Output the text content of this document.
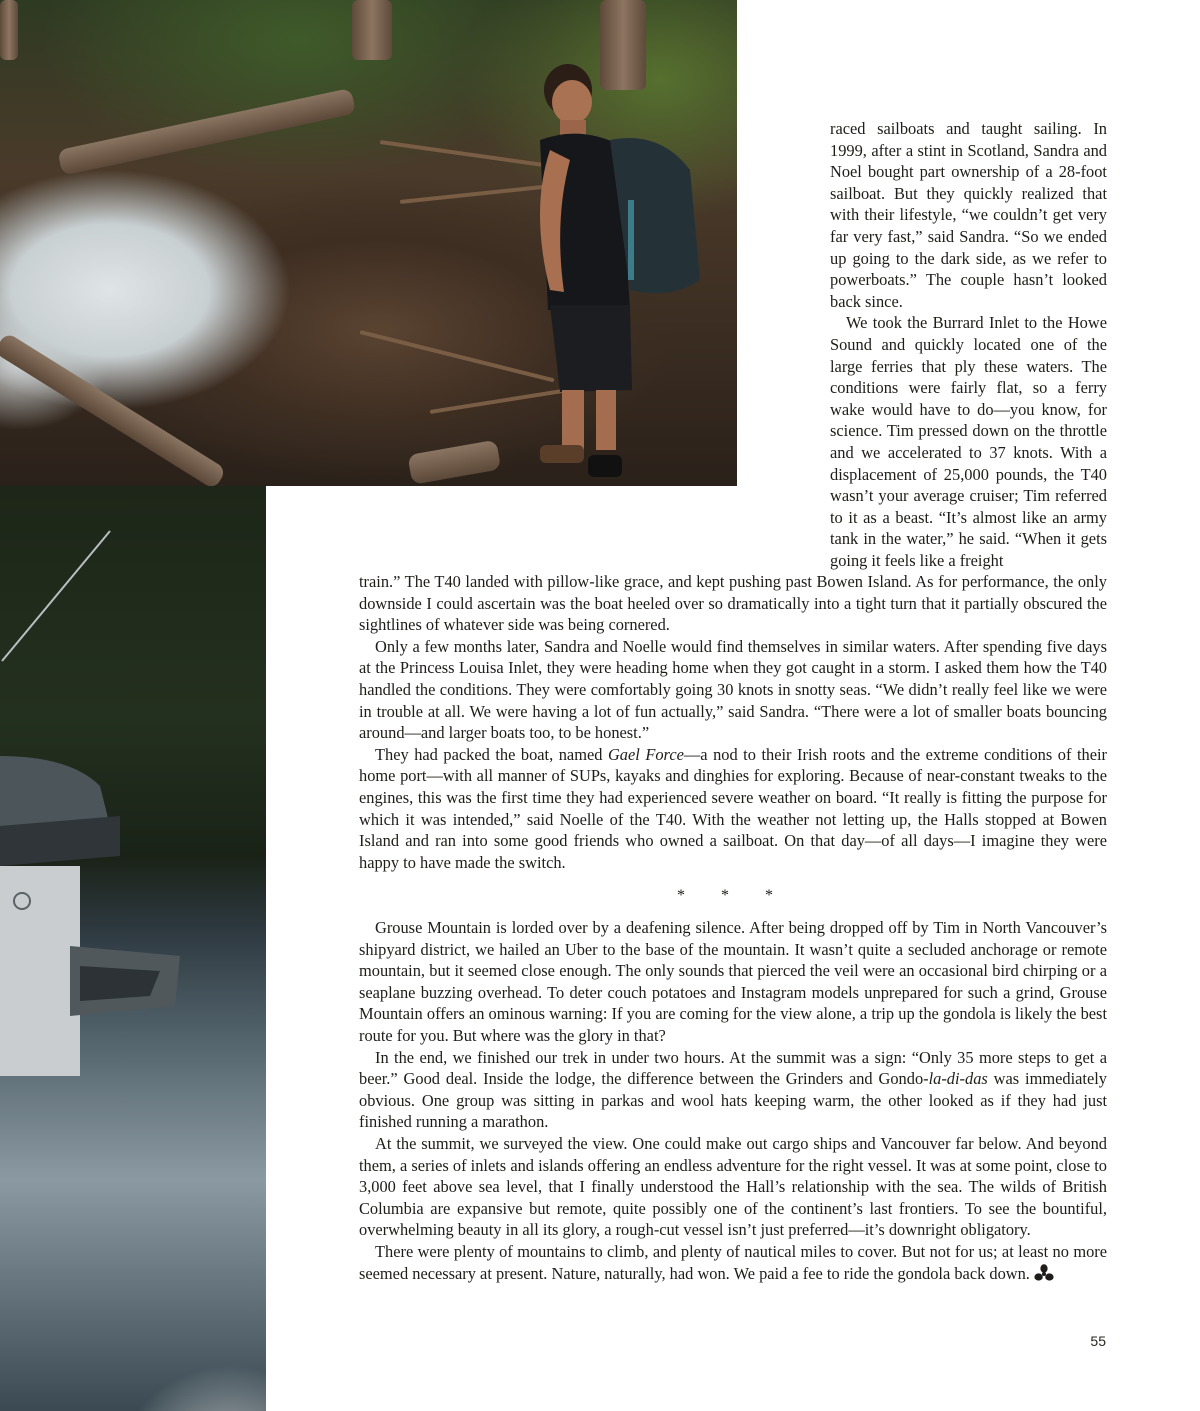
raced sailboats and taught sailing. In 1999, after a stint in Scotland, Sandra and Noel bought part ownership of a 28-foot sailboat. But they quickly realized that with their lifestyle, “we couldn’t get very far very fast,” said Sandra. “So we ended up going to the dark side, as we refer to powerboats.” The couple hasn’t looked back since.

We took the Burrard Inlet to the Howe Sound and quickly located one of the large ferries that ply these waters. The conditions were fairly flat, so a ferry wake would have to do—you know, for science. Tim pressed down on the throttle and we accelerated to 37 knots. With a displacement of 25,000 pounds, the T40 wasn’t your average cruiser; Tim referred to it as a beast. “It’s almost like an army tank in the water,” he said. “When it gets going it feels like a freight

train.” The T40 landed with pillow-like grace, and kept pushing past Bowen Island. As for performance, the only downside I could ascertain was the boat heeled over so dramatically into a tight turn that it partially obscured the sightlines of whatever side was being cornered.

Only a few months later, Sandra and Noelle would find themselves in similar waters. After spending five days at the Princess Louisa Inlet, they were heading home when they got caught in a storm. I asked them how the T40 handled the conditions. They were comfortably going 30 knots in snotty seas. “We didn’t really feel like we were in trouble at all. We were having a lot of fun actually,” said Sandra. “There were a lot of smaller boats bouncing around—and larger boats too, to be honest.”

They had packed the boat, named Gael Force—a nod to their Irish roots and the extreme conditions of their home port—with all manner of SUPs, kayaks and dinghies for exploring. Because of near-constant tweaks to the engines, this was the first time they had experienced severe weather on board. “It really is fitting the purpose for which it was intended,” said Noelle of the T40. With the weather not letting up, the Halls stopped at Bowen Island and ran into some good friends who owned a sailboat. On that day—of all days—I imagine they were happy to have made the switch.

* * *

Grouse Mountain is lorded over by a deafening silence. After being dropped off by Tim in North Vancouver’s shipyard district, we hailed an Uber to the base of the mountain. It wasn’t quite a secluded anchorage or remote mountain, but it seemed close enough. The only sounds that pierced the veil were an occasional bird chirping or a seaplane buzzing overhead. To deter couch potatoes and Instagram models unprepared for such a grind, Grouse Mountain offers an ominous warning: If you are coming for the view alone, a trip up the gondola is likely the best route for you. But where was the glory in that?

In the end, we finished our trek in under two hours. At the summit was a sign: “Only 35 more steps to get a beer.” Good deal. Inside the lodge, the difference between the Grinders and Gondo-la-di-das was immediately obvious. One group was sitting in parkas and wool hats keeping warm, the other looked as if they had just finished running a marathon.

At the summit, we surveyed the view. One could make out cargo ships and Vancouver far below. And beyond them, a series of inlets and islands offering an endless adventure for the right vessel. It was at some point, close to 3,000 feet above sea level, that I finally understood the Hall’s relationship with the sea. The wilds of British Columbia are expansive but remote, quite possibly one of the continent’s last frontiers. To see the bountiful, overwhelming beauty in all its glory, a rough-cut vessel isn’t just preferred—it’s downright obligatory.

There were plenty of mountains to climb, and plenty of nautical miles to cover. But not for us; at least no more seemed necessary at present. Nature, naturally, had won. We paid a fee to ride the gondola back down.

55
